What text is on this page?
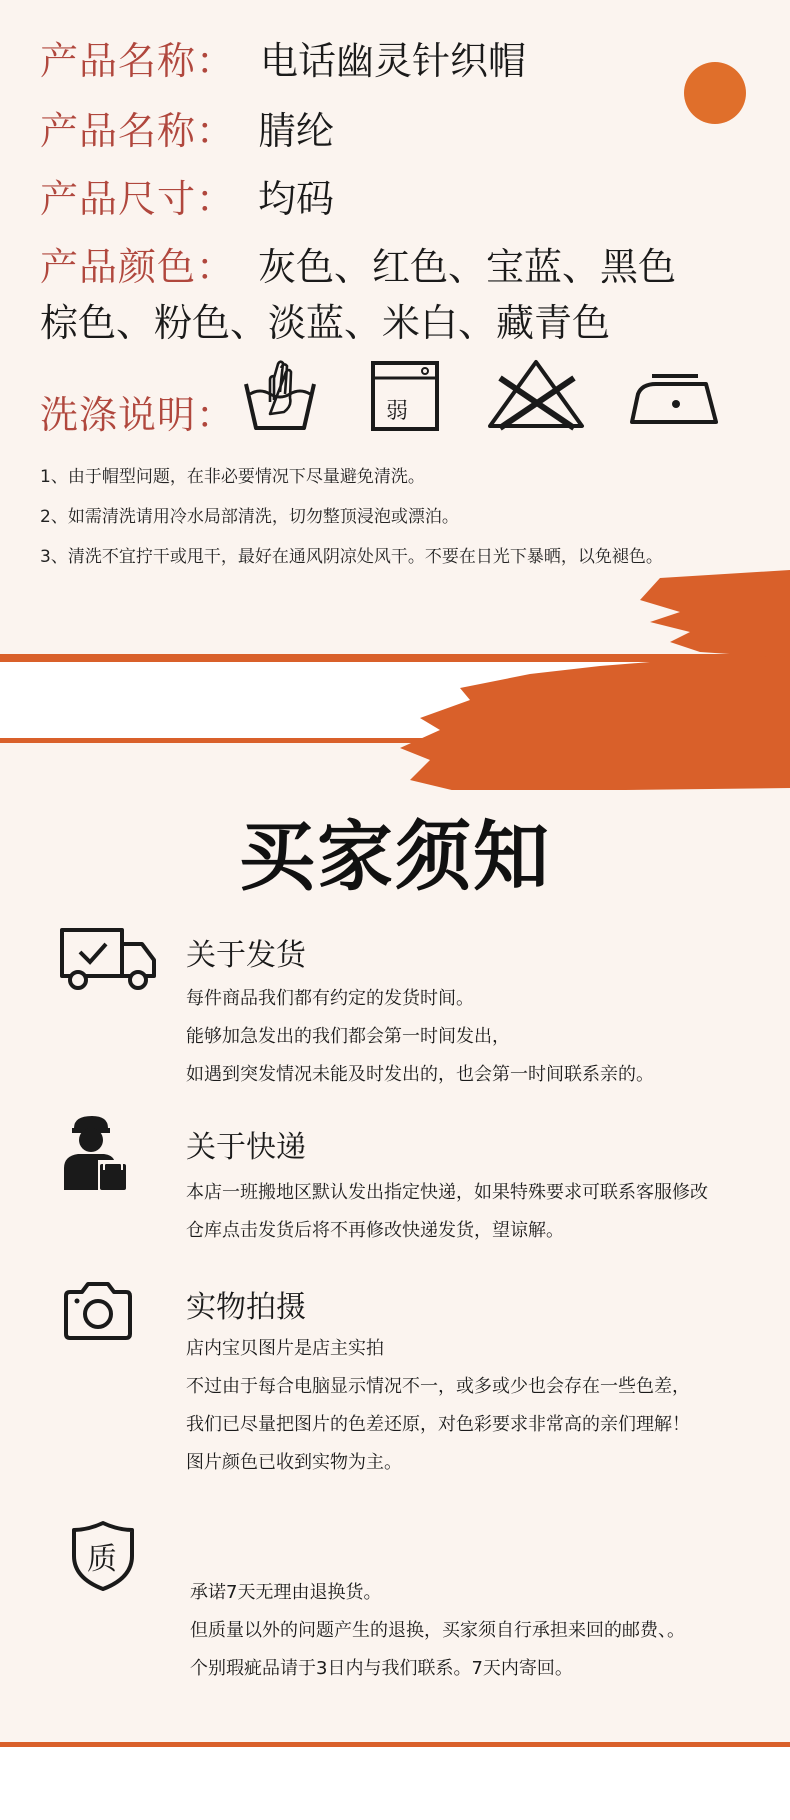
产品名称： 电话幽灵针织帽
产品名称： 腈纶
产品尺寸： 均码
产品颜色： 灰色、红色、宝蓝、黑色
棕色、粉色、淡蓝、米白、藏青色
洗涤说明：	弱
1、由于帽型问题，在非必要情况下尽量避免清洗。
2、如需清洗请用冷水局部清洗，切勿整顶浸泡或漂泊。
3、清洗不宜拧干或甩干，最好在通风阴凉处风干。不要在日光下暴晒，以免褪色。
买家须知
关于发货
每件商品我们都有约定的发货时间。
能够加急发出的我们都会第一时间发出，
如遇到突发情况未能及时发出的，也会第一时间联系亲的。
关于快递
本店一班搬地区默认发出指定快递，如果特殊要求可联系客服修改
仓库点击发货后将不再修改快递发货，望谅解。
实物拍摄
店内宝贝图片是店主实拍
不过由于每合电脑显示情况不一，或多或少也会存在一些色差，
我们已尽量把图片的色差还原，对色彩要求非常高的亲们理解！
图片颜色已收到实物为主。
质
承诺7天无理由退换货。
但质量以外的问题产生的退换，买家须自行承担来回的邮费、。
个别瑕疵品请于3日内与我们联系。7天内寄回。
